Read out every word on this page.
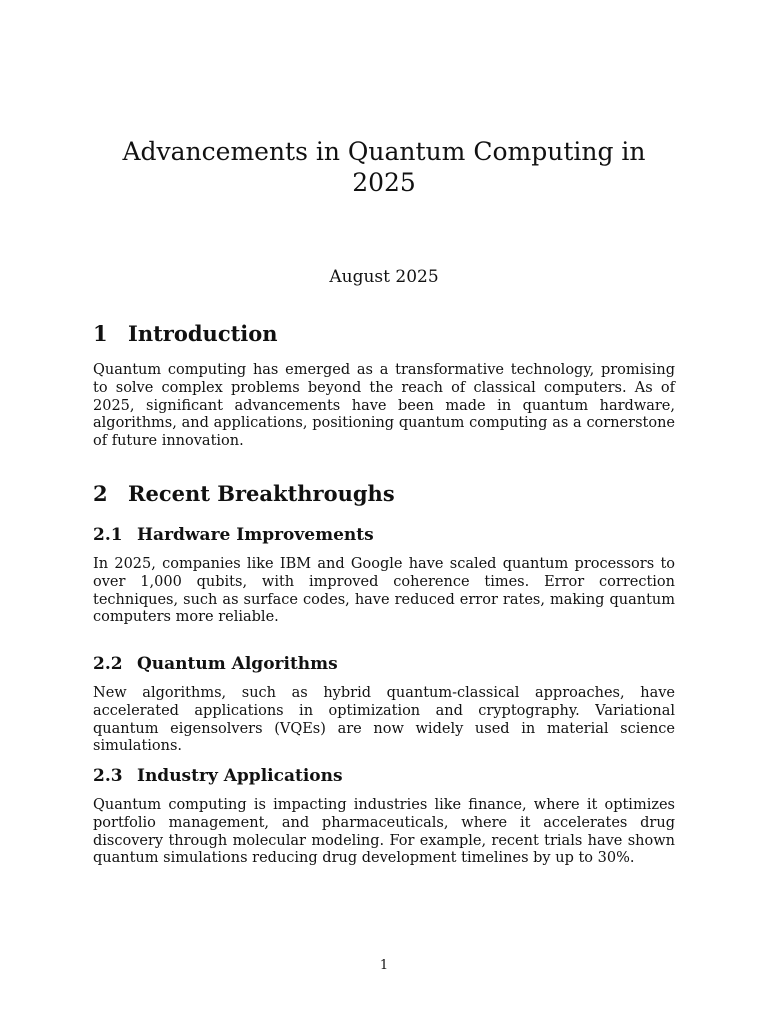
Advancements in Quantum Computing in 2025
August 2025
1 Introduction

Quantum computing has emerged as a transformative technology, promising to solve complex problems beyond the reach of classical computers. As of 2025, significant advancements have been made in quantum hardware, algorithms, and applications, positioning quantum computing as a cornerstone of future innovation.

2 Recent Breakthroughs
2.1 Hardware Improvements

In 2025, companies like IBM and Google have scaled quantum processors to over 1,000 qubits, with improved coherence times. Error correction techniques, such as surface codes, have reduced error rates, making quantum computers more reliable.

2.2 Quantum Algorithms

New algorithms, such as hybrid quantum-classical approaches, have accelerated applications in optimization and cryptography. Variational quantum eigensolvers (VQEs) are now widely used in material science simulations.

2.3 Industry Applications

Quantum computing is impacting industries like finance, where it optimizes portfolio management, and pharmaceuticals, where it accelerates drug discovery through molecular modeling. For example, recent trials have shown quantum simulations reducing drug development timelines by up to 30%.

1
